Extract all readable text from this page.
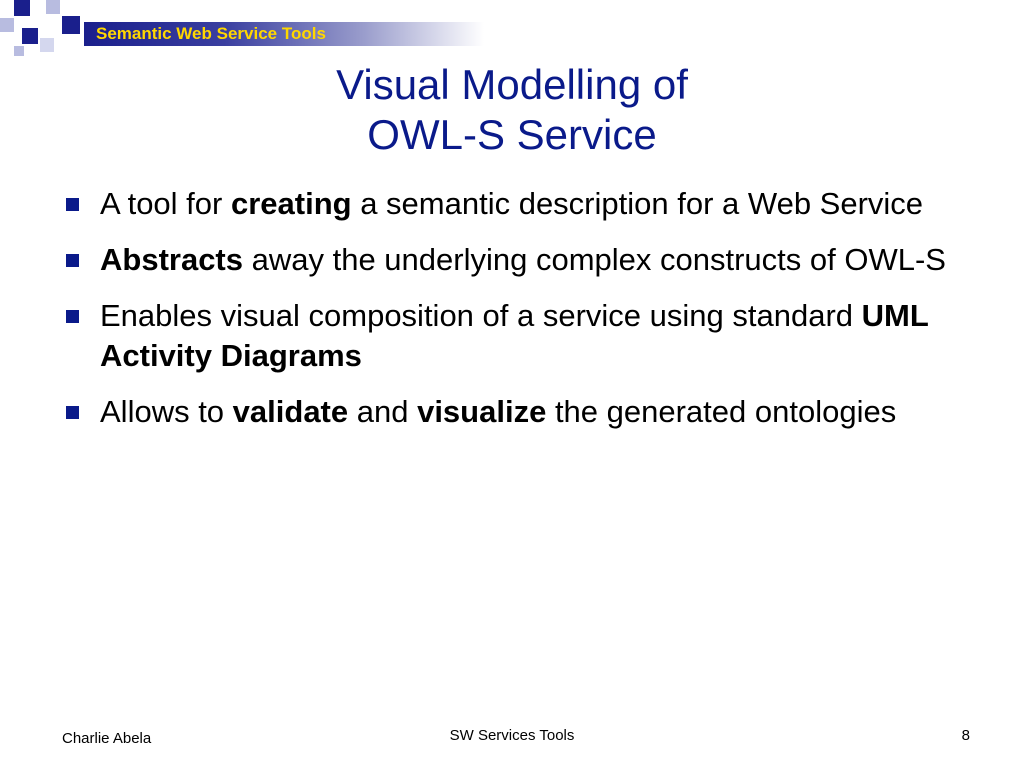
Semantic Web Service Tools
Visual Modelling of
OWL-S Service
A tool for creating a semantic description for a Web Service
Abstracts away the underlying complex constructs of OWL-S
Enables visual composition of a service using standard UML Activity Diagrams
Allows to validate and visualize the generated ontologies
Charlie Abela	SW Services Tools	8
